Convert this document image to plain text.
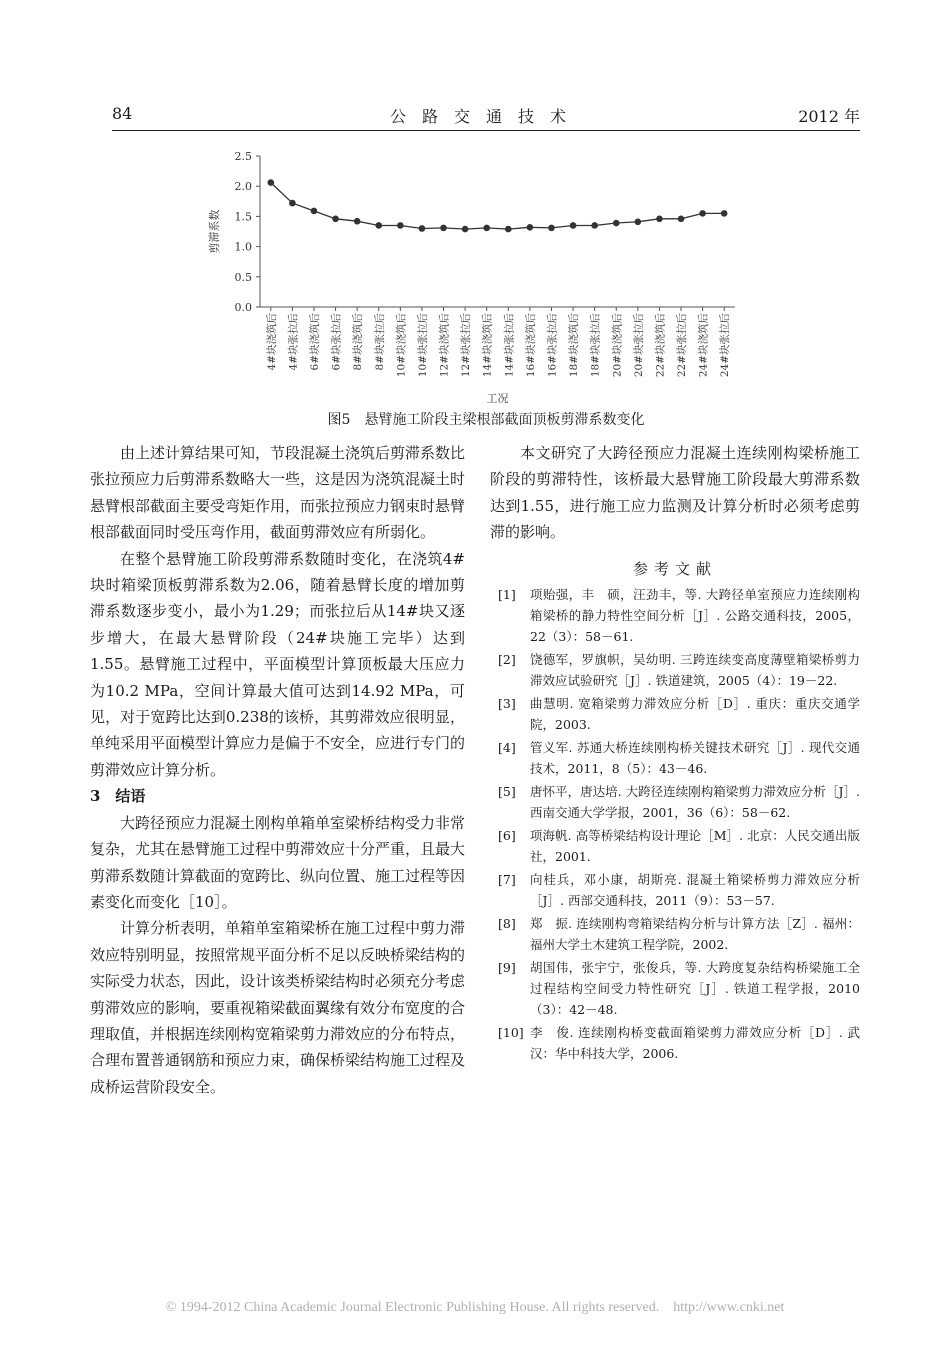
84	公路交通技术	2012 年
0.0
0.5
1.0
1.5
2.0
2.5
4#块浇筑后 4#块张拉后 6#块浇筑后 6#块张拉后 8#块浇筑后 8#块张拉后 10#块浇筑后 10#块张拉后 12#块浇筑后 12#块张拉后 14#块浇筑后 14#块张拉后 16#块浇筑后 16#块张拉后 18#块浇筑后 18#块张拉后 20#块浇筑后 20#块张拉后 22#块浇筑后 22#块张拉后 24#块浇筑后 24#块张拉后
剪滞系数
工况
图5　悬臂施工阶段主梁根部截面顶板剪滞系数变化

由上述计算结果可知，节段混凝土浇筑后剪滞系数比张拉预应力后剪滞系数略大一些，这是因为浇筑混凝土时悬臂根部截面主要受弯矩作用，而张拉预应力钢束时悬臂根部截面同时受压弯作用，截面剪滞效应有所弱化。

在整个悬臂施工阶段剪滞系数随时变化，在浇筑4#块时箱梁顶板剪滞系数为2.06，随着悬臂长度的增加剪滞系数逐步变小，最小为1.29；而张拉后从14#块又逐步增大，在最大悬臂阶段（24#块施工完毕）达到1.55。悬臂施工过程中，平面模型计算顶板最大压应力为10.2 MPa，空间计算最大值可达到14.92 MPa，可见，对于宽跨比达到0.238的该桥，其剪滞效应很明显，单纯采用平面模型计算应力是偏于不安全，应进行专门的剪滞效应计算分析。

3　结语

大跨径预应力混凝土刚构单箱单室梁桥结构受力非常复杂，尤其在悬臂施工过程中剪滞效应十分严重，且最大剪滞系数随计算截面的宽跨比、纵向位置、施工过程等因素变化而变化［10］。

计算分析表明，单箱单室箱梁桥在施工过程中剪力滞效应特别明显，按照常规平面分析不足以反映桥梁结构的实际受力状态，因此，设计该类桥梁结构时必须充分考虑剪滞效应的影响，要重视箱梁截面翼缘有效分布宽度的合理取值，并根据连续刚构宽箱梁剪力滞效应的分布特点，合理布置普通钢筋和预应力束，确保桥梁结构施工过程及成桥运营阶段安全。

本文研究了大跨径预应力混凝土连续刚构梁桥施工阶段的剪滞特性，该桥最大悬臂施工阶段最大剪滞系数达到1.55，进行施工应力监测及计算分析时必须考虑剪滞的影响。

参考文献
[1] 项贻强，丰　硕，汪劲丰，等. 大跨径单室预应力连续刚构箱梁桥的静力特性空间分析［J］. 公路交通科技，2005，22（3）：58－61.
[2] 饶德军，罗旗帜，吴幼明. 三跨连续变高度薄壁箱梁桥剪力滞效应试验研究［J］. 铁道建筑，2005（4）：19－22.
[3] 曲慧明. 宽箱梁剪力滞效应分析［D］. 重庆：重庆交通学院，2003.
[4] 管义军. 苏通大桥连续刚构桥关键技术研究［J］. 现代交通技术，2011，8（5）：43－46.
[5] 唐怀平，唐达培. 大跨径连续刚构箱梁剪力滞效应分析［J］. 西南交通大学学报，2001，36（6）：58－62.
[6] 项海帆. 高等桥梁结构设计理论［M］. 北京：人民交通出版社，2001.
[7] 向桂兵，邓小康，胡斯亮. 混凝土箱梁桥剪力滞效应分析［J］. 西部交通科技，2011（9）：53－57.
[8] 郑　振. 连续刚构弯箱梁结构分析与计算方法［Z］. 福州：福州大学土木建筑工程学院，2002.
[9] 胡国伟，张宇宁，张俊兵，等. 大跨度复杂结构桥梁施工全过程结构空间受力特性研究［J］. 铁道工程学报，2010（3）：42－48.
[10] 李　俊. 连续刚构桥变截面箱梁剪力滞效应分析［D］. 武汉：华中科技大学，2006.
© 1994-2012 China Academic Journal Electronic Publishing House. All rights reserved.　http://www.cnki.net
